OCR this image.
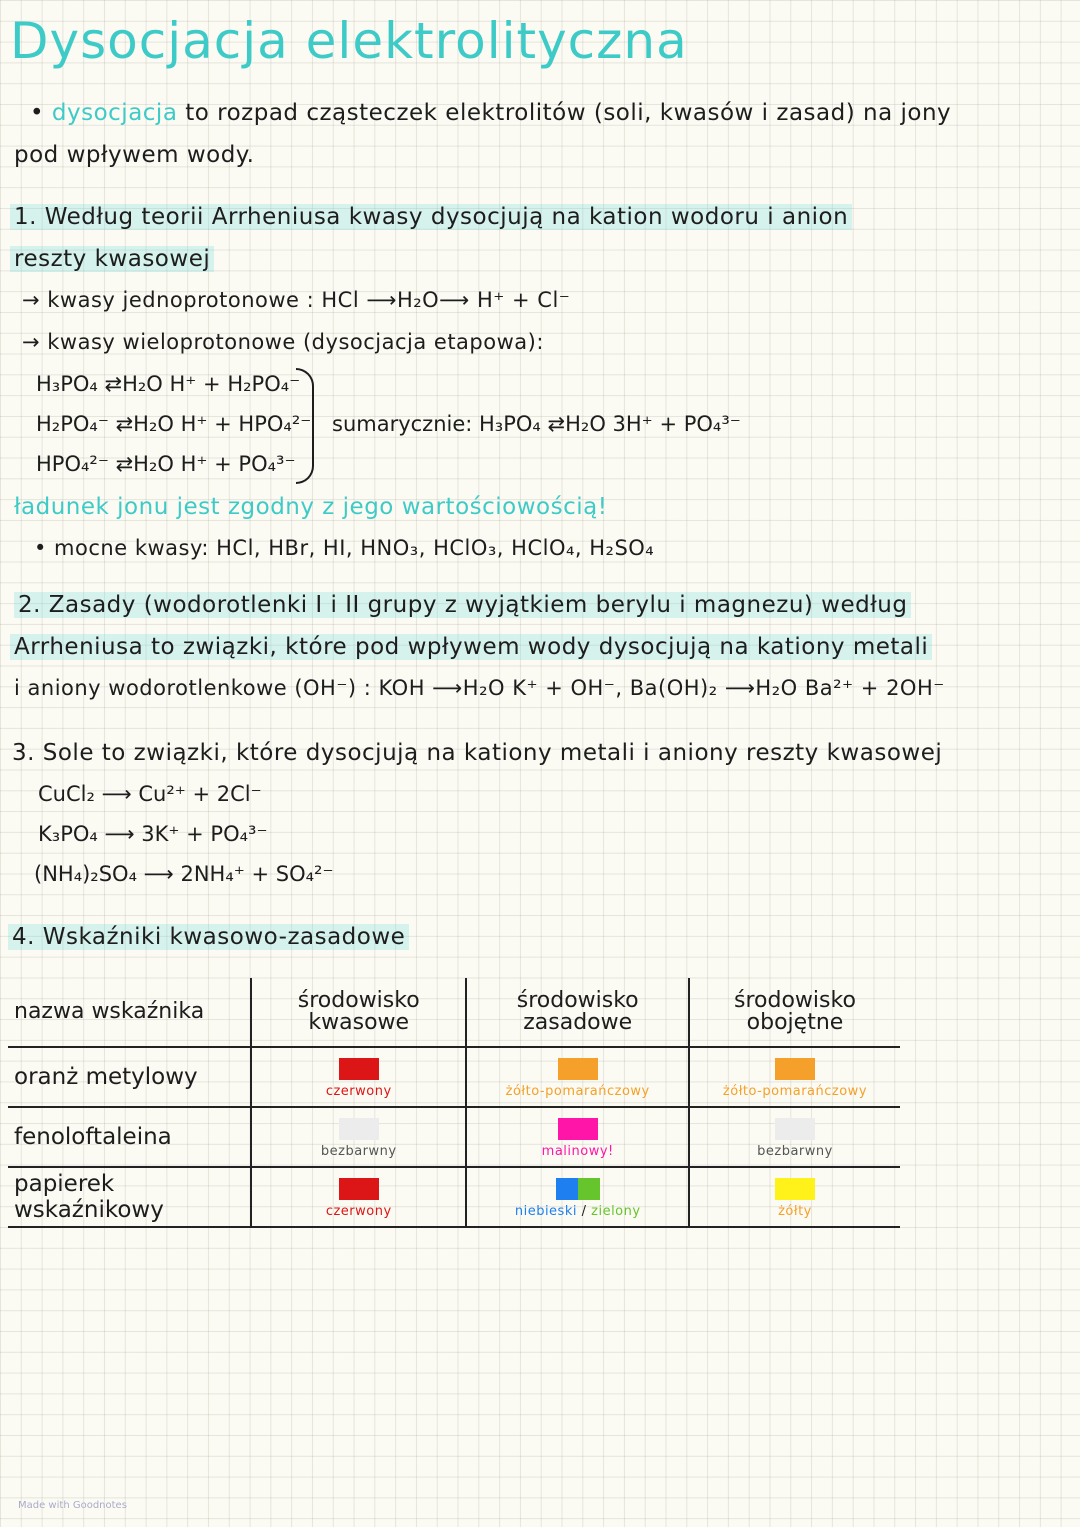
Dysocjacja elektrolityczna
• dysocjacja to rozpad cząsteczek elektrolitów (soli, kwasów i zasad) na jony
pod wpływem wody.
1. Według teorii Arrheniusa kwasy dysocjują na kation wodoru i anion
reszty kwasowej
→ kwasy jednoprotonowe : HCl ⟶H₂O⟶ H⁺ + Cl⁻
→ kwasy wieloprotonowe (dysocjacja etapowa):
H₃PO₄ ⇄H₂O H⁺ + H₂PO₄⁻
H₂PO₄⁻ ⇄H₂O H⁺ + HPO₄²⁻
HPO₄²⁻ ⇄H₂O H⁺ + PO₄³⁻
sumarycznie: H₃PO₄ ⇄H₂O 3H⁺ + PO₄³⁻
ładunek jonu jest zgodny z jego wartościowością!
• mocne kwasy: HCl, HBr, HI, HNO₃, HClO₃, HClO₄, H₂SO₄
2. Zasady (wodorotlenki I i II grupy z wyjątkiem berylu i magnezu) według
Arrheniusa to związki, które pod wpływem wody dysocjują na kationy metali
i aniony wodorotlenkowe (OH⁻) : KOH ⟶H₂O K⁺ + OH⁻, Ba(OH)₂ ⟶H₂O Ba²⁺ + 2OH⁻
3. Sole to związki, które dysocjują na kationy metali i aniony reszty kwasowej
CuCl₂ ⟶ Cu²⁺ + 2Cl⁻
K₃PO₄ ⟶ 3K⁺ + PO₄³⁻
(NH₄)₂SO₄ ⟶ 2NH₄⁺ + SO₄²⁻
4. Wskaźniki kwasowo-zasadowe
nazwa wskaźnika	środowisko kwasowe	środowisko zasadowe	środowisko obojętne
oranż metylowy	czerwony	żółto-pomarańczowy	żółto-pomarańczowy

fenoloftaleina	bezbarwny	malinowy!	bezbarwny

papierek wskaźnikowy	czerwony	niebieski / zielony	żółty
Made with Goodnotes
